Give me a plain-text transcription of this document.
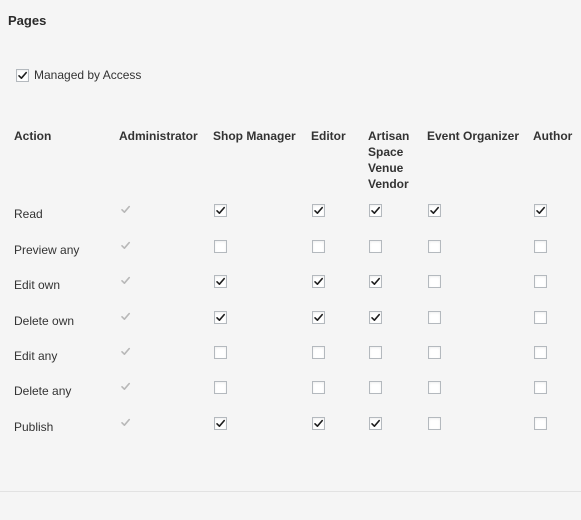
Pages
Managed by Access
Action	Administrator Shop Manager Editor Artisan
Space
Venue
Vendor
Event Organizer Author
Read
Preview any
Edit own
Delete own
Edit any
Delete any
Publish
